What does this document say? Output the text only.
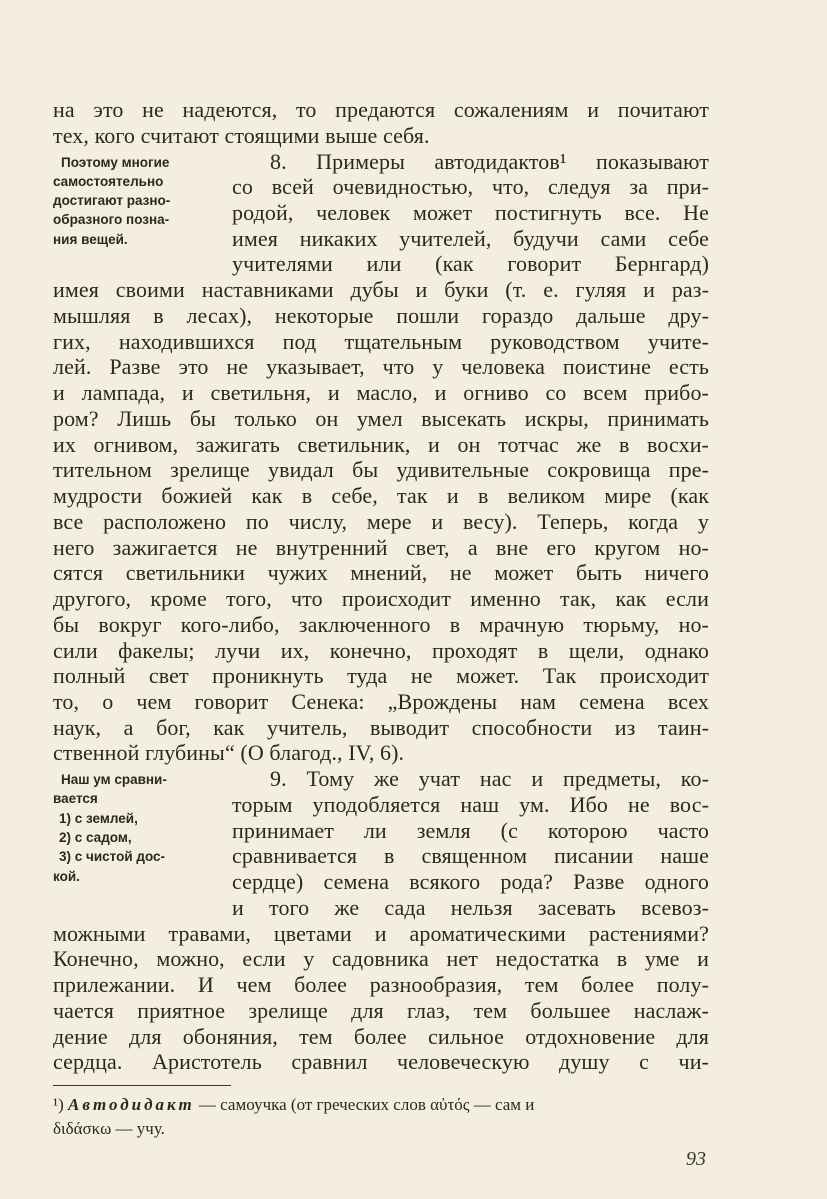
Поэтому многие
самостоятельно
достигают разно-
образного позна-
ния вещей.
Наш ум сравни-
вается
1) с землей,
2) с садом,
3) с чистой дос-
кой.
на это не надеются, то предаются сожалениям и почитают
тех, кого считают стоящими выше себя.
8. Примеры автодидактов¹ показывают
со всей очевидностью, что, следуя за при-
родой, человек может постигнуть все. Не
имея никаких учителей, будучи сами себе
учителями или (как говорит Бернгард)
имея своими наставниками дубы и буки (т. е. гуляя и раз-
мышляя в лесах), некоторые пошли гораздо дальше дру-
гих, находившихся под тщательным руководством учите-
лей. Разве это не указывает, что у человека поистине есть
и лампада, и светильня, и масло, и огниво со всем прибо-
ром? Лишь бы только он умел высекать искры, принимать
их огнивом, зажигать светильник, и он тотчас же в восхи-
тительном зрелище увидал бы удивительные сокровища пре-
мудрости божией как в себе, так и в великом мире (как
все расположено по числу, мере и весу). Теперь, когда у
него зажигается не внутренний свет, а вне его кругом но-
сятся светильники чужих мнений, не может быть ничего
другого, кроме того, что происходит именно так, как если
бы вокруг кого-либо, заключенного в мрачную тюрьму, но-
сили факелы; лучи их, конечно, проходят в щели, однако
полный свет проникнуть туда не может. Так происходит
то, о чем говорит Сенека: „Врождены нам семена всех
наук, а бог, как учитель, выводит способности из таин-
ственной глубины“ (О благод., IV, 6).
9. Тому же учат нас и предметы, ко-
торым уподобляется наш ум. Ибо не вос-
принимает ли земля (с которою часто
сравнивается в священном писании наше
сердце) семена всякого рода? Разве одного
и того же сада нельзя засевать всевоз-
можными травами, цветами и ароматическими растениями?
Конечно, можно, если у садовника нет недостатка в уме и
прилежании. И чем более разнообразия, тем более полу-
чается приятное зрелище для глаз, тем большее наслаж-
дение для обоняния, тем более сильное отдохновение для
сердца. Аристотель сравнил человеческую душу с чи-
¹) Автодидакт — самоучка (от греческих слов αὐτός — сам и
διδάσκω — учу.
93
